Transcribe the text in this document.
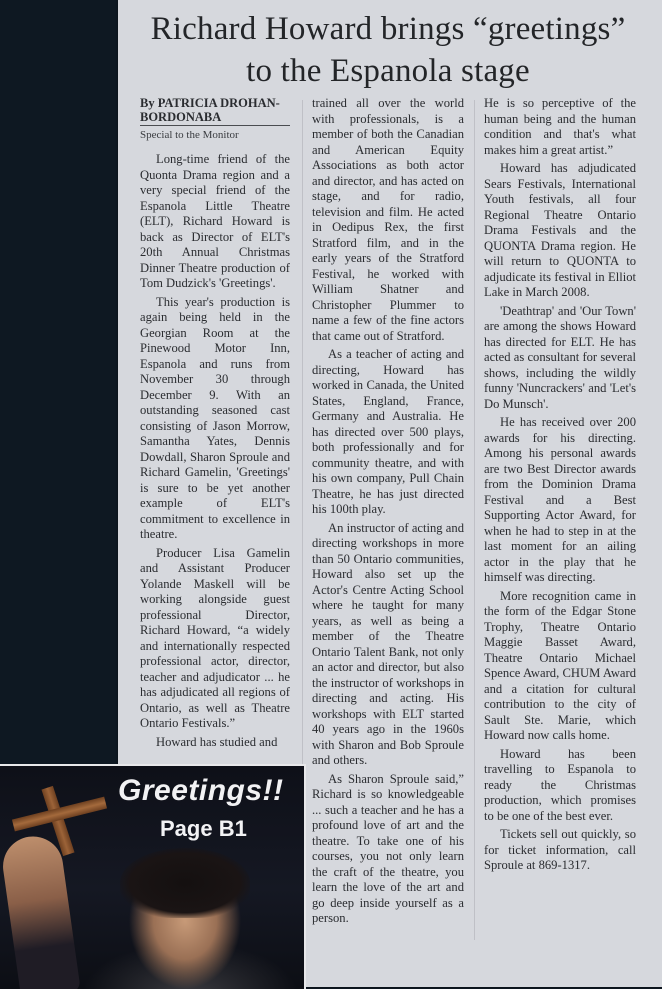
Richard Howard brings “greetings”
to the Espanola stage
By PATRICIA DROHAN-
BORDONABA
Special to the Monitor

Long-time friend of the Quonta Drama region and a very special friend of the Espanola Little Theatre (ELT), Richard Howard is back as Director of ELT's 20th Annual Christmas Dinner Theatre production of Tom Dudzick's 'Greetings'.

This year's production is again being held in the Georgian Room at the Pinewood Motor Inn, Espanola and runs from November 30 through December 9. With an outstanding seasoned cast consisting of Jason Morrow, Samantha Yates, Dennis Dowdall, Sharon Sproule and Richard Gamelin, 'Greetings' is sure to be yet another example of ELT's commitment to excellence in theatre.

Producer Lisa Gamelin and Assistant Producer Yolande Maskell will be working alongside guest professional Director, Richard Howard, “a widely and internationally respected professional actor, director, teacher and adjudicator ... he has adjudicated all regions of Ontario, as well as Theatre Ontario Festivals.”

Howard has studied and

trained all over the world with professionals, is a member of both the Canadian and American Equity Associations as both actor and director, and has acted on stage, and for radio, television and film. He acted in Oedipus Rex, the first Stratford film, and in the early years of the Stratford Festival, he worked with William Shatner and Christopher Plummer to name a few of the fine actors that came out of Stratford.

As a teacher of acting and directing, Howard has worked in Canada, the United States, England, France, Germany and Australia. He has directed over 500 plays, both professionally and for community theatre, and with his own company, Pull Chain Theatre, he has just directed his 100th play.

An instructor of acting and directing workshops in more than 50 Ontario communities, Howard also set up the Actor's Centre Acting School where he taught for many years, as well as being a member of the Theatre Ontario Talent Bank, not only an actor and director, but also the instructor of workshops in directing and acting. His workshops with ELT started 40 years ago in the 1960s with Sharon and Bob Sproule and others.

As Sharon Sproule said,” Richard is so knowledgeable ... such a teacher and he has a profound love of art and the theatre. To take one of his courses, you not only learn the craft of the theatre, you learn the love of the art and go deep inside yourself as a person.

He is so perceptive of the human being and the human condition and that's what makes him a great artist.”

Howard has adjudicated Sears Festivals, International Youth festivals, all four Regional Theatre Ontario Drama Festivals and the QUONTA Drama region. He will return to QUONTA to adjudicate its festival in Elliot Lake in March 2008.

'Deathtrap' and 'Our Town' are among the shows Howard has directed for ELT. He has acted as consultant for several shows, including the wildly funny 'Nuncrackers' and 'Let's Do Munsch'.

He has received over 200 awards for his directing. Among his personal awards are two Best Director awards from the Dominion Drama Festival and a Best Supporting Actor Award, for when he had to step in at the last moment for an ailing actor in the play that he himself was directing.

More recognition came in the form of the Edgar Stone Trophy, Theatre Ontario Maggie Basset Award, Theatre Ontario Michael Spence Award, CHUM Award and a citation for cultural contribution to the city of Sault Ste. Marie, which Howard now calls home.

Howard has been travelling to Espanola to ready the Christmas production, which promises to be one of the best ever.

Tickets sell out quickly, so for ticket information, call Sproule at 869-1317.

Greetings!!
Page B1
